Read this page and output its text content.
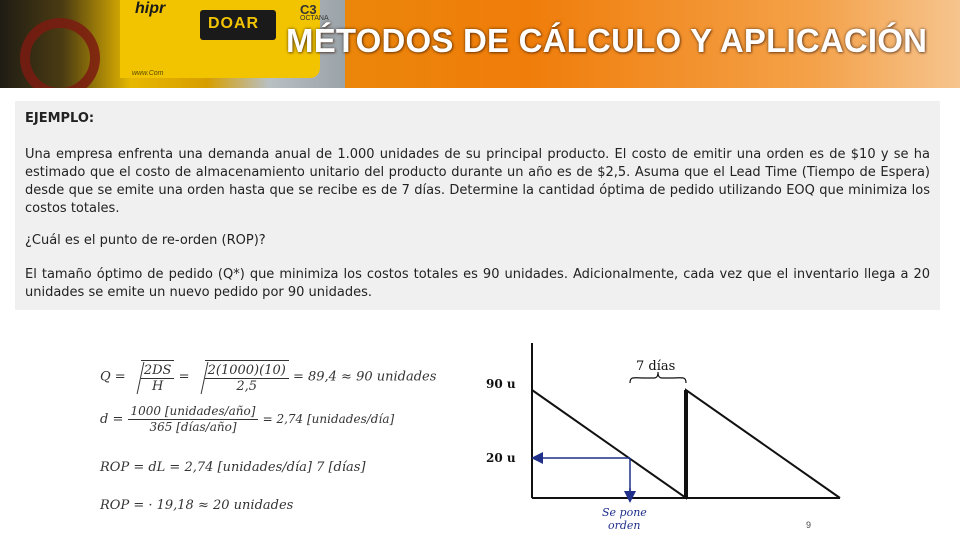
hipr
DOAR
C3
OCTANA
www.Com
MÉTODOS DE CÁLCULO Y APLICACIÓN
EJEMPLO:

Una empresa enfrenta una demanda anual de 1.000 unidades de su principal producto. El costo de emitir una orden es de $10 y se ha estimado que el costo de almacenamiento unitario del producto durante un año es de $2,5. Asuma que el Lead Time (Tiempo de Espera) desde que se emite una orden hasta que se recibe es de 7 días. Determine la cantidad óptima de pedido utilizando EOQ que minimiza los costos totales.

¿Cuál es el punto de re-orden (ROP)?

El tamaño óptimo de pedido (Q*) que minimiza los costos totales es 90 unidades. Adicionalmente, cada vez que el inventario llega a 20 unidades se emite un nuevo pedido por 90 unidades.

$Q = \frac{2DS}{H} = \frac{2(1000)(10)}{2,5} = 89,4 \approx 90$ unidades
$d = \frac{\text{1000 [unidades/año]}}{\text{365 [días/año]}} = 2,74$ [unidades/día]
ROP = dL = 2,74 [unidades/día] 7 [días]
ROP = · 19,18 ≈ 20 unidades
7 días
90 u
20 u
Se pone
orden	9
